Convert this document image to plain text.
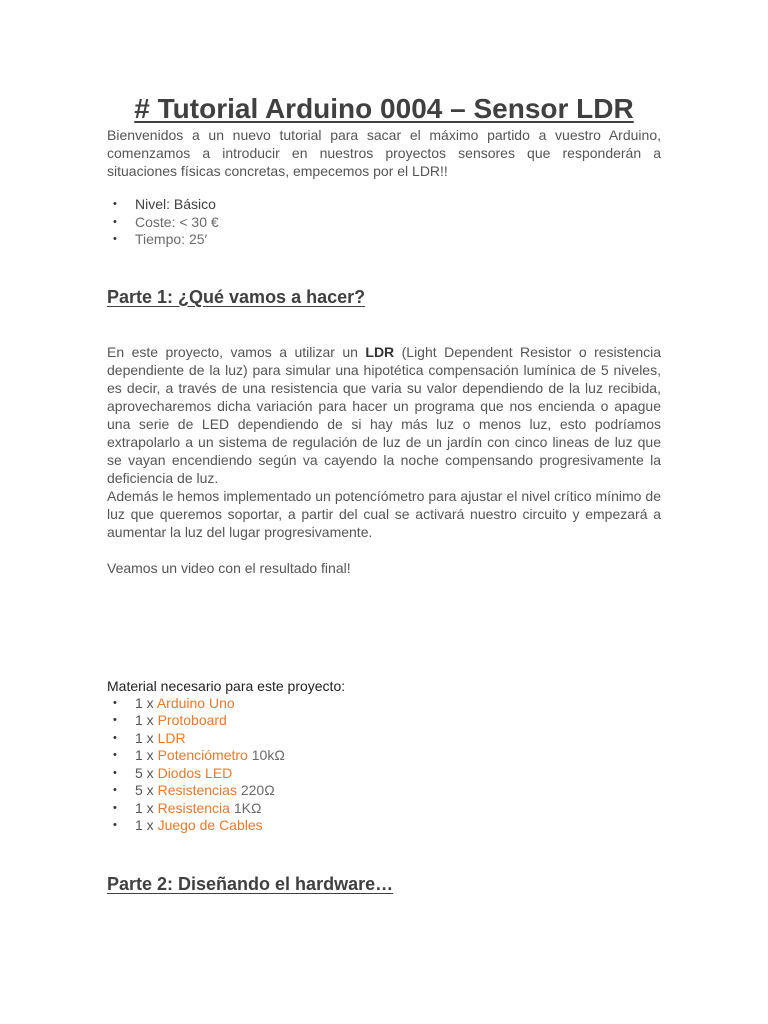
# Tutorial Arduino 0004 – Sensor LDR

Bienvenidos a un nuevo tutorial para sacar el máximo partido a vuestro Arduino, comenzamos a introducir en nuestros proyectos sensores que responderán a situaciones físicas concretas, empecemos por el LDR!!

• Nivel: Básico
• Coste: < 30 €
• Tiempo: 25′
Parte 1: ¿Qué vamos a hacer?

En este proyecto, vamos a utilizar un LDR (Light Dependent Resistor o resistencia dependiente de la luz) para simular una hipotética compensación lumínica de 5 niveles, es decir, a través de una resistencia que varia su valor dependiendo de la luz recibida, aprovecharemos dicha variación para hacer un programa que nos encienda o apague una serie de LED dependiendo de si hay más luz o menos luz, esto podríamos extrapolarlo a un sistema de regulación de luz de un jardín con cinco lineas de luz que se vayan encendiendo según va cayendo la noche compensando progresivamente la deficiencia de luz.

Además le hemos implementado un potencíómetro para ajustar el nivel crítico mínimo de luz que queremos soportar, a partir del cual se activará nuestro circuito y empezará a aumentar la luz del lugar progresivamente.

Veamos un video con el resultado final!

Material necesario para este proyecto:

• 1 x Arduino Uno
• 1 x Protoboard
• 1 x LDR
• 1 x Potenciómetro 10kΩ
• 5 x Diodos LED
• 5 x Resistencias 220Ω
• 1 x Resistencia 1KΩ
• 1 x Juego de Cables
Parte 2: Diseñando el hardware…
